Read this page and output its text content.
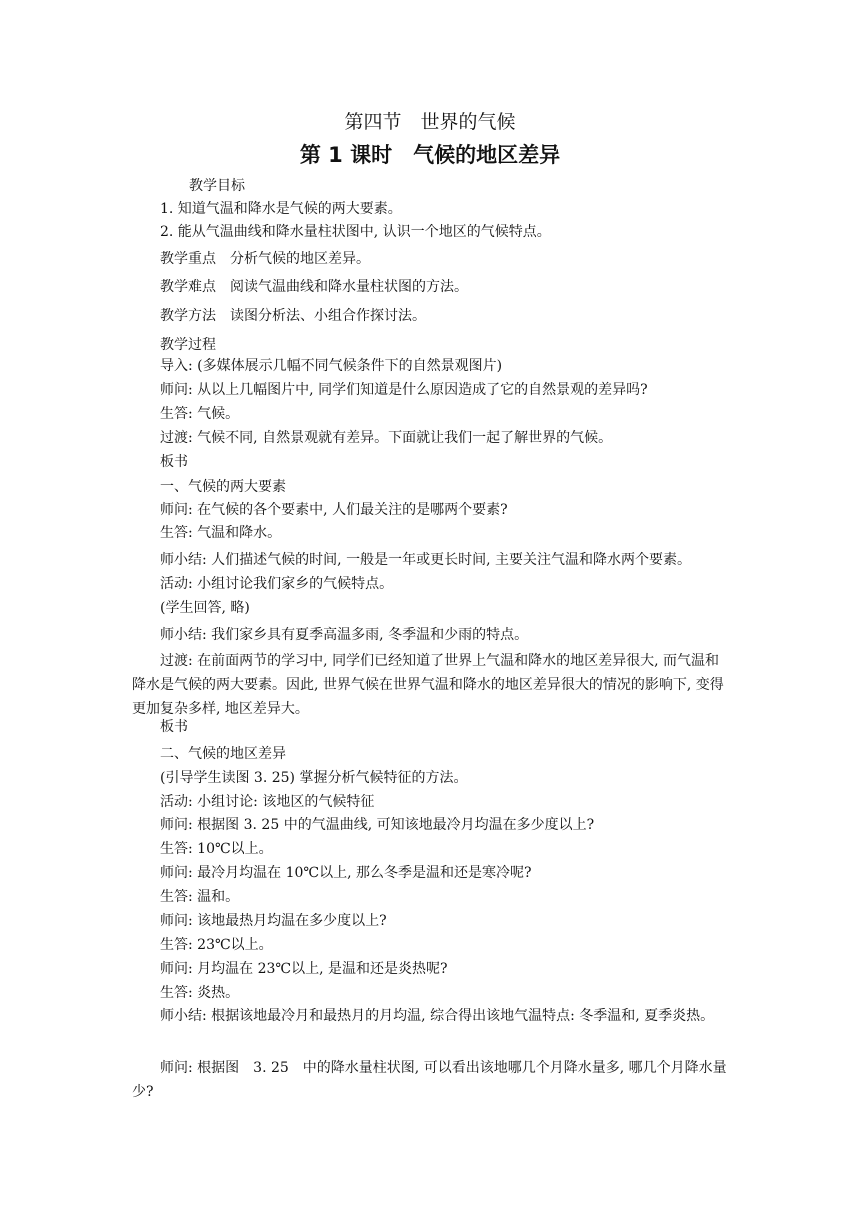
第四节　世界的气候
第 1 课时　气候的地区差异
教学目标
1. 知道气温和降水是气候的两大要素。
2. 能从气温曲线和降水量柱状图中, 认识一个地区的气候特点。
教学重点　分析气候的地区差异。
教学难点　阅读气温曲线和降水量柱状图的方法。
教学方法　读图分析法、小组合作探讨法。
教学过程
导入: (多媒体展示几幅不同气候条件下的自然景观图片)
师问: 从以上几幅图片中, 同学们知道是什么原因造成了它的自然景观的差异吗?
生答: 气候。
过渡: 气候不同, 自然景观就有差异。下面就让我们一起了解世界的气候。
板书
一、气候的两大要素
师问: 在气候的各个要素中, 人们最关注的是哪两个要素?
生答: 气温和降水。
师小结: 人们描述气候的时间, 一般是一年或更长时间, 主要关注气温和降水两个要素。
活动: 小组讨论我们家乡的气候特点。
(学生回答, 略)
师小结: 我们家乡具有夏季高温多雨, 冬季温和少雨的特点。
过渡: 在前面两节的学习中, 同学们已经知道了世界上气温和降水的地区差异很大, 而气温和降水是气候的两大要素。因此, 世界气候在世界气温和降水的地区差异很大的情况的影响下, 变得更加复杂多样, 地区差异大。
板书
二、气候的地区差异
(引导学生读图 3. 25) 掌握分析气候特征的方法。
活动: 小组讨论: 该地区的气候特征
师问: 根据图 3. 25 中的气温曲线, 可知该地最冷月均温在多少度以上?
生答: 10℃以上。
师问: 最冷月均温在 10℃以上, 那么冬季是温和还是寒冷呢?
生答: 温和。
师问: 该地最热月均温在多少度以上?
生答: 23℃以上。
师问: 月均温在 23℃以上, 是温和还是炎热呢?
生答: 炎热。
师小结: 根据该地最冷月和最热月的月均温, 综合得出该地气温特点: 冬季温和, 夏季炎热。
师问: 根据图　3. 25　中的降水量柱状图, 可以看出该地哪几个月降水量多, 哪几个月降水量少?
